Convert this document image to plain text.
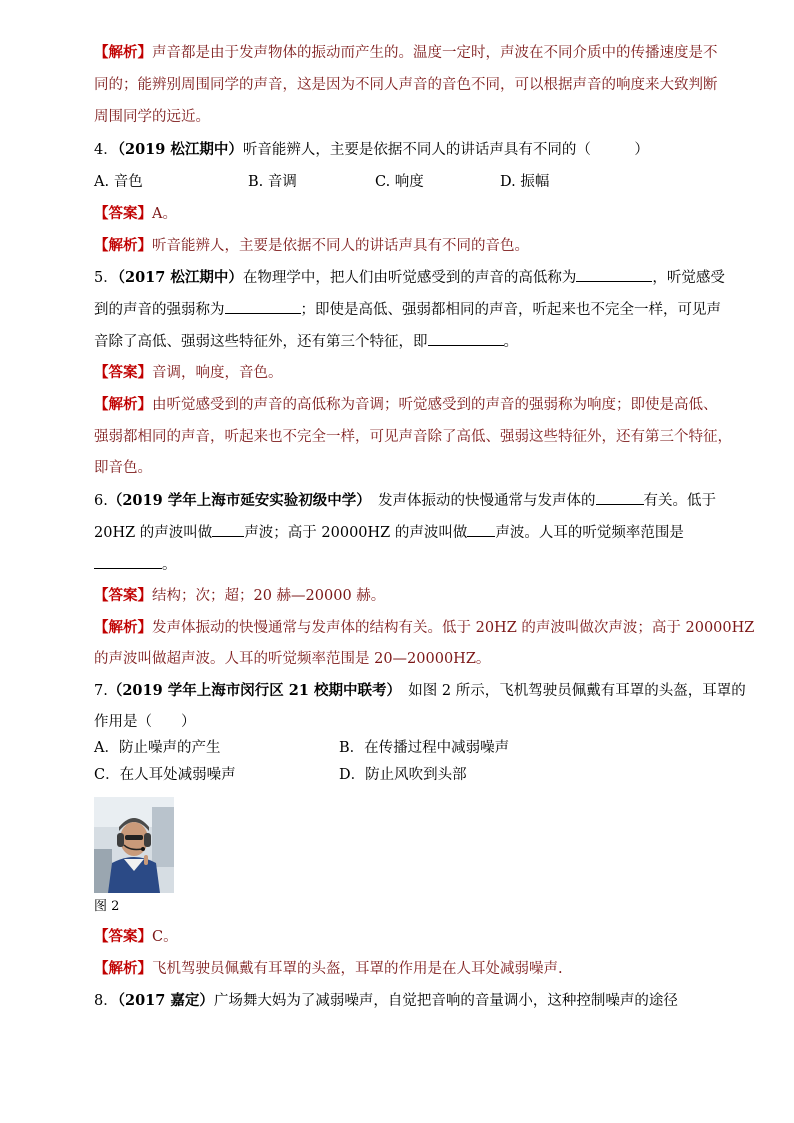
【解析】声音都是由于发声物体的振动而产生的。温度一定时，声波在不同介质中的传播速度是不
同的；能辨别周围同学的声音，这是因为不同人声音的音色不同，可以根据声音的响度来大致判断
周围同学的远近。
4．（2019 松江期中）听音能辨人，主要是依据不同人的讲话声具有不同的（　　　）
A. 音色	B. 音调	C. 响度	D. 振幅
【答案】A。
【解析】听音能辨人，主要是依据不同人的讲话声具有不同的音色。
5．（2017 松江期中）在物理学中，把人们由听觉感受到的声音的高低称为	，听觉感受
到的声音的强弱称为	；即使是高低、强弱都相同的声音，听起来也不完全一样，可见声
音除了高低、强弱这些特征外，还有第三个特征，即	。
【答案】音调，响度，音色。
【解析】由听觉感受到的声音的高低称为音调；听觉感受到的声音的强弱称为响度；即使是高低、
强弱都相同的声音，听起来也不完全一样，可见声音除了高低、强弱这些特征外，还有第三个特征，
即音色。
6.（2019 学年上海市延安实验初级中学）　 发声体振动的快慢通常与发声体的	有关。低于
20HZ 的声波叫做 声波；高于 20000HZ 的声波叫做 声波。人耳的听觉频率范围是
。
【答案】结构；次；超；20 赫—20000 赫。
【解析】发声体振动的快慢通常与发声体的结构有关。低于 20HZ 的声波叫做次声波；高于 20000HZ
的声波叫做超声波。人耳的听觉频率范围是 20—20000HZ。
7.（2019 学年上海市闵行区 21 校期中联考）　 如图 2 所示，飞机驾驶员佩戴有耳罩的头盔，耳罩的
作用是（　　）
A．防止噪声的产生	B．在传播过程中减弱噪声
C．在人耳处减弱噪声	D．防止风吹到头部
图 2
【答案】C。
【解析】飞机驾驶员佩戴有耳罩的头盔，耳罩的作用是在人耳处减弱噪声.
8．（2017 嘉定）广场舞大妈为了减弱噪声，自觉把音响的音量调小，这种控制噪声的途径
